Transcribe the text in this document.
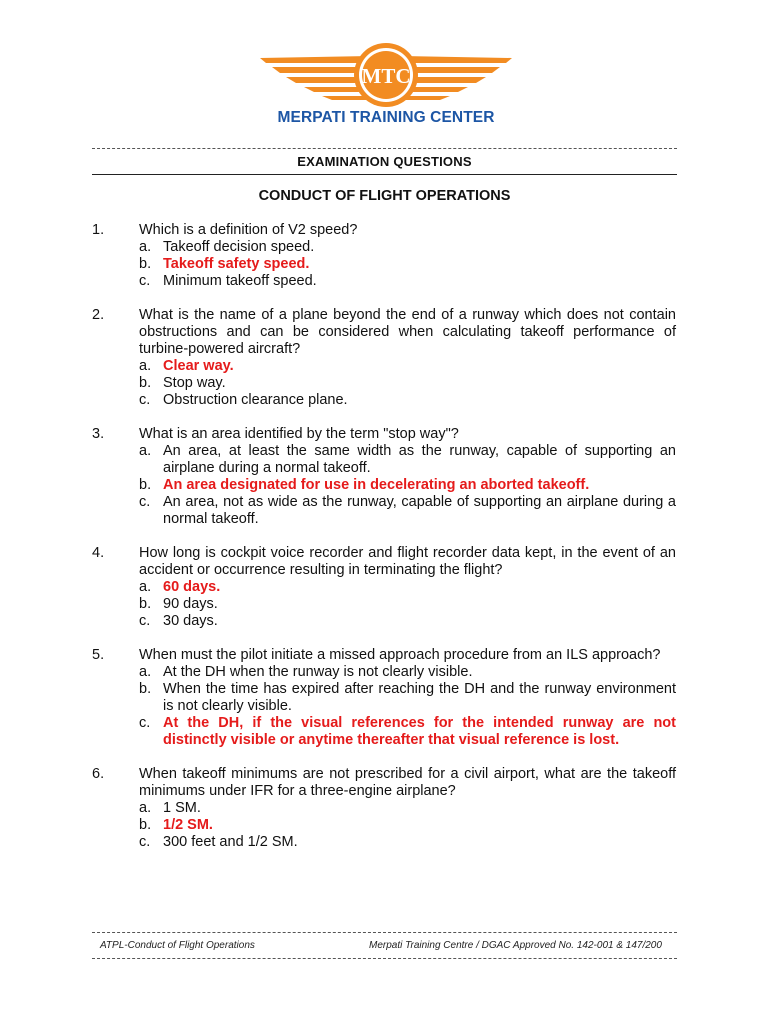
MTC
MERPATI TRAINING CENTER
EXAMINATION QUESTIONS
CONDUCT OF FLIGHT OPERATIONS
1.	Which is a definition of V2 speed?
a. Takeoff decision speed.
b. Takeoff safety speed.
c. Minimum takeoff speed.
2.	What is the name of a plane beyond the end of a runway which does not contain obstructions and can be considered when calculating takeoff performance of turbine-powered aircraft?
a. Clear way.
b. Stop way.
c. Obstruction clearance plane.
3.	What is an area identified by the term "stop way"?
a. An area, at least the same width as the runway, capable of supporting an airplane during a normal takeoff.
b. An area designated for use in decelerating an aborted takeoff.
c. An area, not as wide as the runway, capable of supporting an airplane during a normal takeoff.
4.	How long is cockpit voice recorder and flight recorder data kept, in the event of an accident or occurrence resulting in terminating the flight?
a. 60 days.
b. 90 days.
c. 30 days.
5.	When must the pilot initiate a missed approach procedure from an ILS approach?
a. At the DH when the runway is not clearly visible.
b. When the time has expired after reaching the DH and the runway environment is not clearly visible.
c. At the DH, if the visual references for the intended runway are not distinctly visible or anytime thereafter that visual reference is lost.
6.	When takeoff minimums are not prescribed for a civil airport, what are the takeoff minimums under IFR for a three-engine airplane?
a. 1 SM.
b. 1/2 SM.
c. 300 feet and 1/2 SM.
ATPL-Conduct of Flight Operations	Merpati Training Centre / DGAC Approved No. 142-001 & 147/200
